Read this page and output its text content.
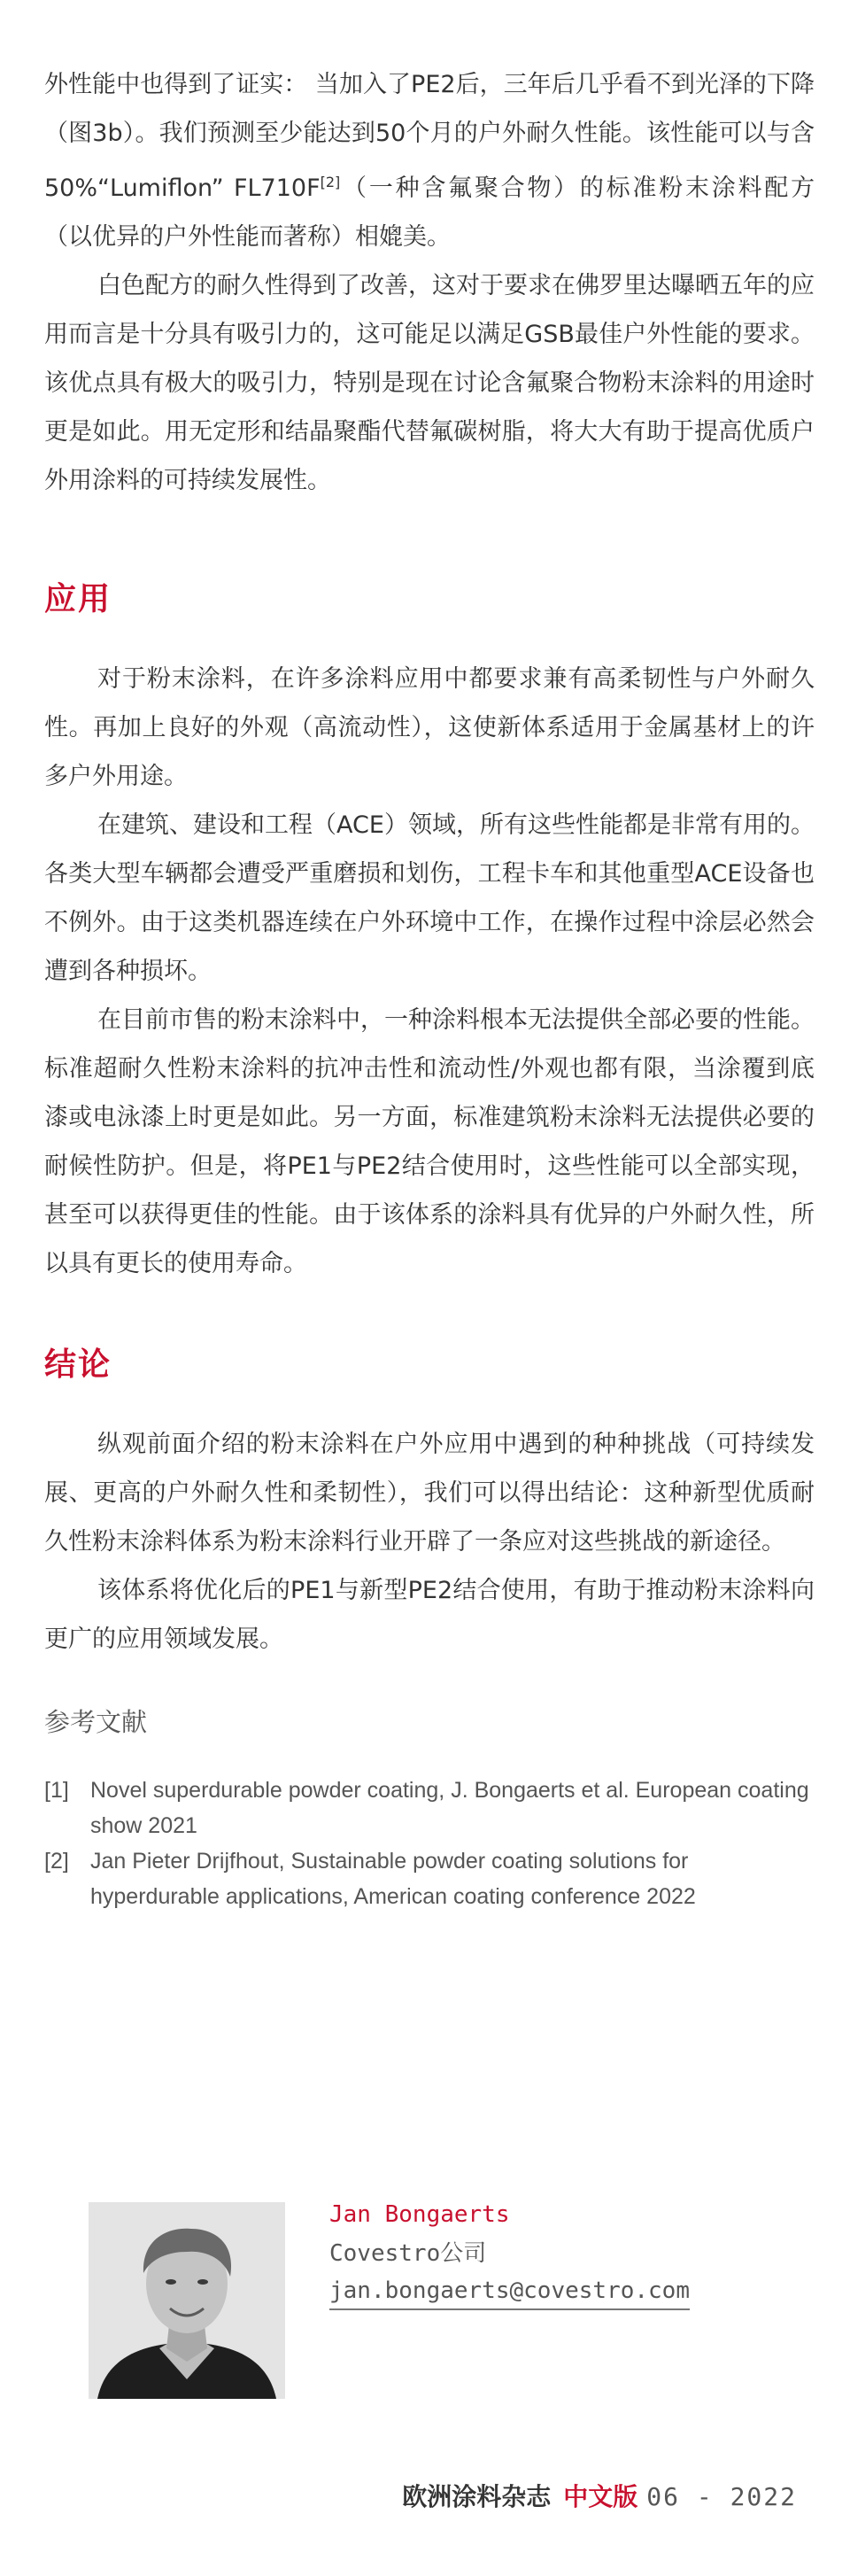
外性能中也得到了证实： 当加入了PE2后，三年后几乎看不到光泽的下降（图3b）。我们预测至少能达到50个月的户外耐久性能。该性能可以与含50%“Lumiflon” FL710F[2]（一种含氟聚合物）的标准粉末涂料配方（以优异的户外性能而著称）相媲美。

白色配方的耐久性得到了改善，这对于要求在佛罗里达曝晒五年的应用而言是十分具有吸引力的，这可能足以满足GSB最佳户外性能的要求。该优点具有极大的吸引力，特别是现在讨论含氟聚合物粉末涂料的用途时更是如此。用无定形和结晶聚酯代替氟碳树脂，将大大有助于提高优质户外用涂料的可持续发展性。

应用

对于粉末涂料，在许多涂料应用中都要求兼有高柔韧性与户外耐久性。再加上良好的外观（高流动性），这使新体系适用于金属基材上的许多户外用途。

在建筑、建设和工程（ACE）领域，所有这些性能都是非常有用的。各类大型车辆都会遭受严重磨损和划伤，工程卡车和其他重型ACE设备也不例外。由于这类机器连续在户外环境中工作，在操作过程中涂层必然会遭到各种损坏。

在目前市售的粉末涂料中，一种涂料根本无法提供全部必要的性能。标准超耐久性粉末涂料的抗冲击性和流动性/外观也都有限，当涂覆到底漆或电泳漆上时更是如此。另一方面，标准建筑粉末涂料无法提供必要的耐候性防护。但是，将PE1与PE2结合使用时，这些性能可以全部实现，甚至可以获得更佳的性能。由于该体系的涂料具有优异的户外耐久性，所以具有更长的使用寿命。

结论

纵观前面介绍的粉末涂料在户外应用中遇到的种种挑战（可持续发展、更高的户外耐久性和柔韧性），我们可以得出结论：这种新型优质耐久性粉末涂料体系为粉末涂料行业开辟了一条应对这些挑战的新途径。

该体系将优化后的PE1与新型PE2结合使用，有助于推动粉末涂料向更广的应用领域发展。

参考文献
[1] Novel superdurable powder coating, J. Bongaerts et al. European coating show 2021
[2] Jan Pieter Drijfhout, Sustainable powder coating solutions for hyperdurable applications, American coating conference 2022
Jan Bongaerts
Covestro公司
jan.bongaerts@covestro.com
欧洲涂料杂志 中文版 06 - 2022
